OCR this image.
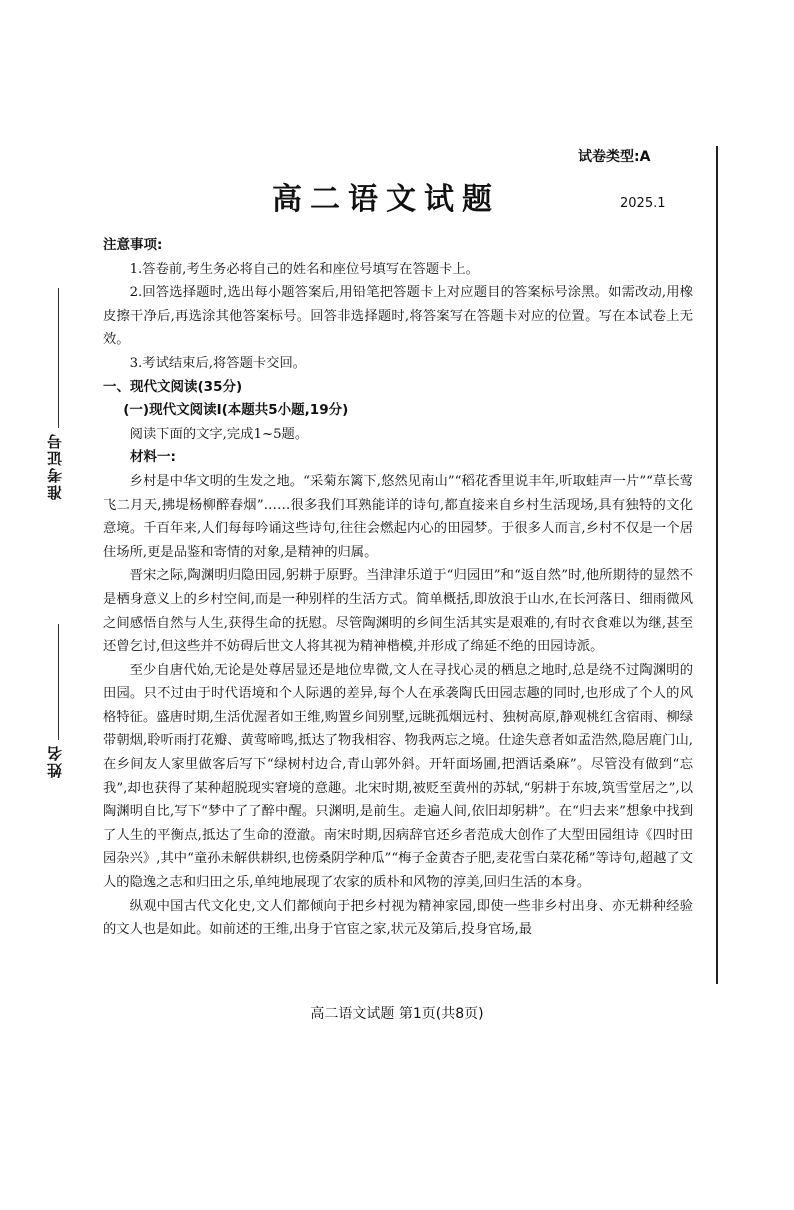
试卷类型:A
高二语文试题	2025.1
准考证号
姓名

注意事项:

1.答卷前,考生务必将自己的姓名和座位号填写在答题卡上。

2.回答选择题时,选出每小题答案后,用铅笔把答题卡上对应题目的答案标号涂黑。如需改动,用橡皮擦干净后,再选涂其他答案标号。回答非选择题时,将答案写在答题卡对应的位置。写在本试卷上无效。

3.考试结束后,将答题卡交回。

一、现代文阅读(35分)

(一)现代文阅读Ⅰ(本题共5小题,19分)

阅读下面的文字,完成1~5题。

材料一:

乡村是中华文明的生发之地。“采菊东篱下,悠然见南山”“稻花香里说丰年,听取蛙声一片”“草长莺飞二月天,拂堤杨柳醉春烟”……很多我们耳熟能详的诗句,都直接来自乡村生活现场,具有独特的文化意境。千百年来,人们每每吟诵这些诗句,往往会燃起内心的田园梦。于很多人而言,乡村不仅是一个居住场所,更是品鉴和寄情的对象,是精神的归属。

晋宋之际,陶渊明归隐田园,躬耕于原野。当津津乐道于“归园田”和“返自然”时,他所期待的显然不是栖身意义上的乡村空间,而是一种别样的生活方式。简单概括,即放浪于山水,在长河落日、细雨微风之间感悟自然与人生,获得生命的抚慰。尽管陶渊明的乡间生活其实是艰难的,有时衣食难以为继,甚至还曾乞讨,但这些并不妨碍后世文人将其视为精神楷模,并形成了绵延不绝的田园诗派。

至少自唐代始,无论是处尊居显还是地位卑微,文人在寻找心灵的栖息之地时,总是绕不过陶渊明的田园。只不过由于时代语境和个人际遇的差异,每个人在承袭陶氏田园志趣的同时,也形成了个人的风格特征。盛唐时期,生活优渥者如王维,购置乡间别墅,远眺孤烟远村、独树高原,静观桃红含宿雨、柳绿带朝烟,聆听雨打花瓣、黄莺啼鸣,抵达了物我相容、物我两忘之境。仕途失意者如孟浩然,隐居鹿门山,在乡间友人家里做客后写下“绿树村边合,青山郭外斜。开轩面场圃,把酒话桑麻”。尽管没有做到“忘我”,却也获得了某种超脱现实窘境的意趣。北宋时期,被贬至黄州的苏轼,“躬耕于东坡,筑雪堂居之”,以陶渊明自比,写下“梦中了了醉中醒。只渊明,是前生。走遍人间,依旧却躬耕”。在“归去来”想象中找到了人生的平衡点,抵达了生命的澄澈。南宋时期,因病辞官还乡者范成大创作了大型田园组诗《四时田园杂兴》,其中“童孙未解供耕织,也傍桑阴学种瓜”“梅子金黄杏子肥,麦花雪白菜花稀”等诗句,超越了文人的隐逸之志和归田之乐,单纯地展现了农家的质朴和风物的淳美,回归生活的本身。

纵观中国古代文化史,文人们都倾向于把乡村视为精神家园,即使一些非乡村出身、亦无耕种经验的文人也是如此。如前述的王维,出身于官宦之家,状元及第后,投身官场,最

高二语文试题 第1页(共8页)
